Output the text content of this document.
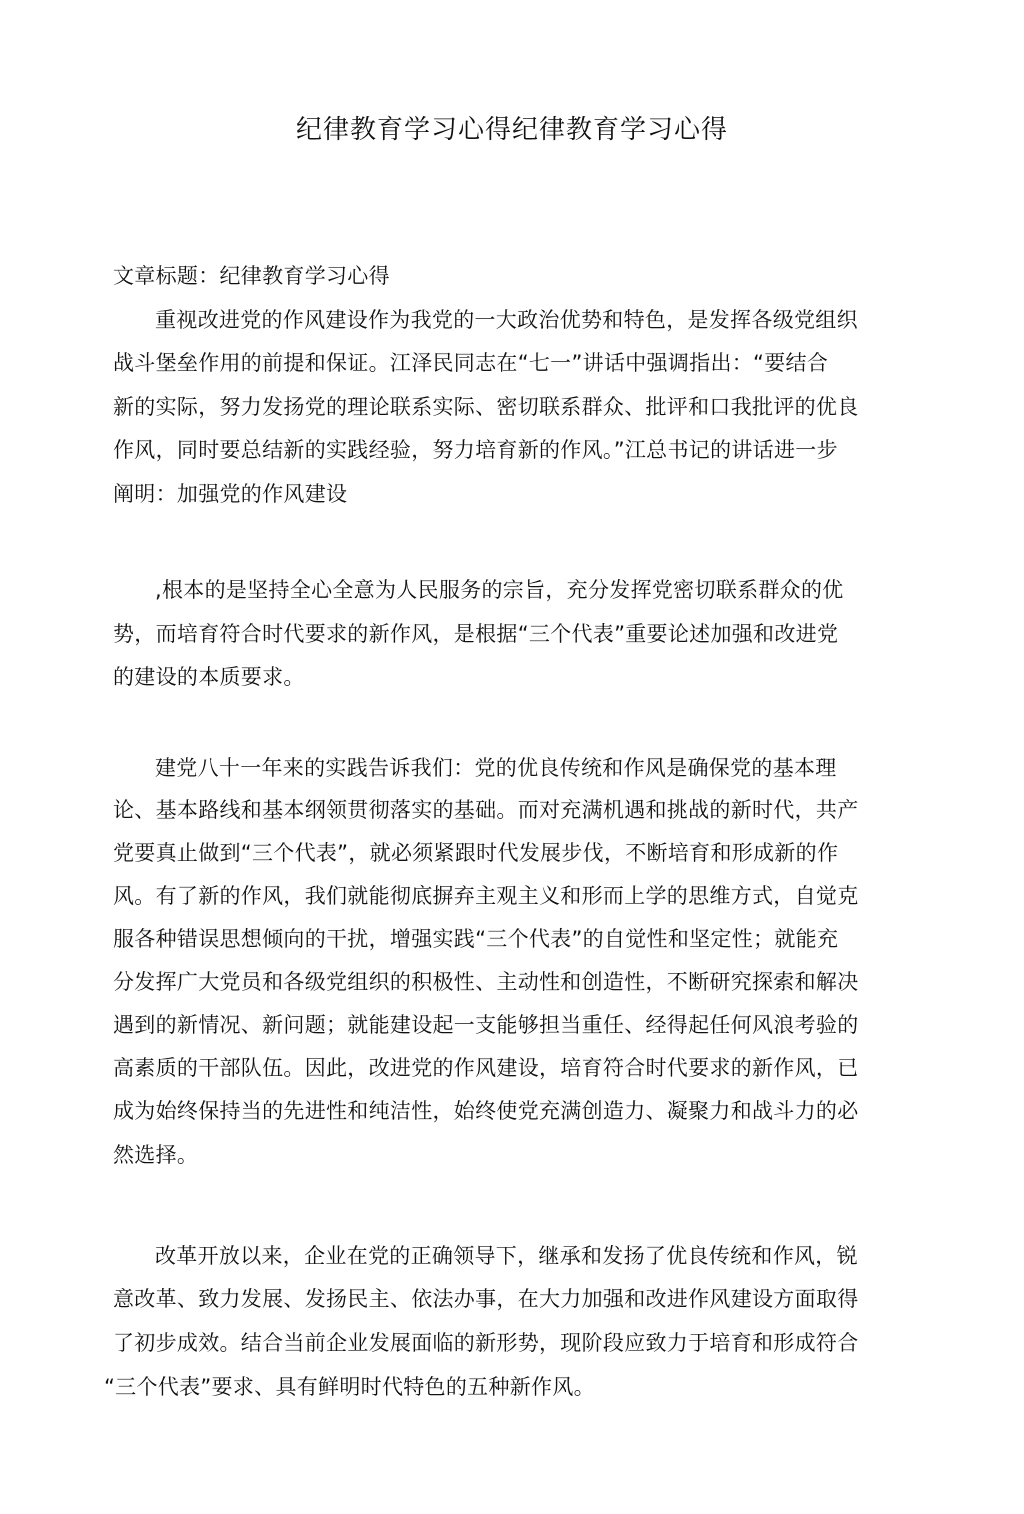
纪律教育学习心得纪律教育学习心得
文章标题：纪律教育学习心得
重视改进党的作风建设作为我党的一大政治优势和特色，是发挥各级党组织
战斗堡垒作用的前提和保证。江泽民同志在“七一”讲话中强调指出：“要结合
新的实际，努力发扬党的理论联系实际、密切联系群众、批评和口我批评的优良
作风，同时要总结新的实践经验，努力培育新的作风。”江总书记的讲话进一步
阐明：加强党的作风建设
,根本的是坚持全心全意为人民服务的宗旨，充分发挥党密切联系群众的优
势，而培育符合时代要求的新作风，是根据“三个代表”重要论述加强和改进党
的建设的本质要求。
建党八十一年来的实践告诉我们：党的优良传统和作风是确保党的基本理
论、基本路线和基本纲领贯彻落实的基础。而对充满机遇和挑战的新时代，共产
党要真止做到“三个代表”，就必须紧跟时代发展步伐，不断培育和形成新的作
风。有了新的作风，我们就能彻底摒弃主观主义和形而上学的思维方式，自觉克
服各种错误思想倾向的干扰，增强实践“三个代表”的自觉性和坚定性；就能充
分发挥广大党员和各级党组织的积极性、主动性和创造性，不断研究探索和解决
遇到的新情况、新问题；就能建设起一支能够担当重任、经得起任何风浪考验的
高素质的干部队伍。因此，改进党的作风建设，培育符合时代要求的新作风，已
成为始终保持当的先进性和纯洁性，始终使党充满创造力、凝聚力和战斗力的必
然选择。
改革开放以来，企业在党的正确领导下，继承和发扬了优良传统和作风，锐
意改革、致力发展、发扬民主、依法办事，在大力加强和改进作风建设方面取得
了初步成效。结合当前企业发展面临的新形势，现阶段应致力于培育和形成符合
“三个代表”要求、具有鲜明时代特色的五种新作风。
